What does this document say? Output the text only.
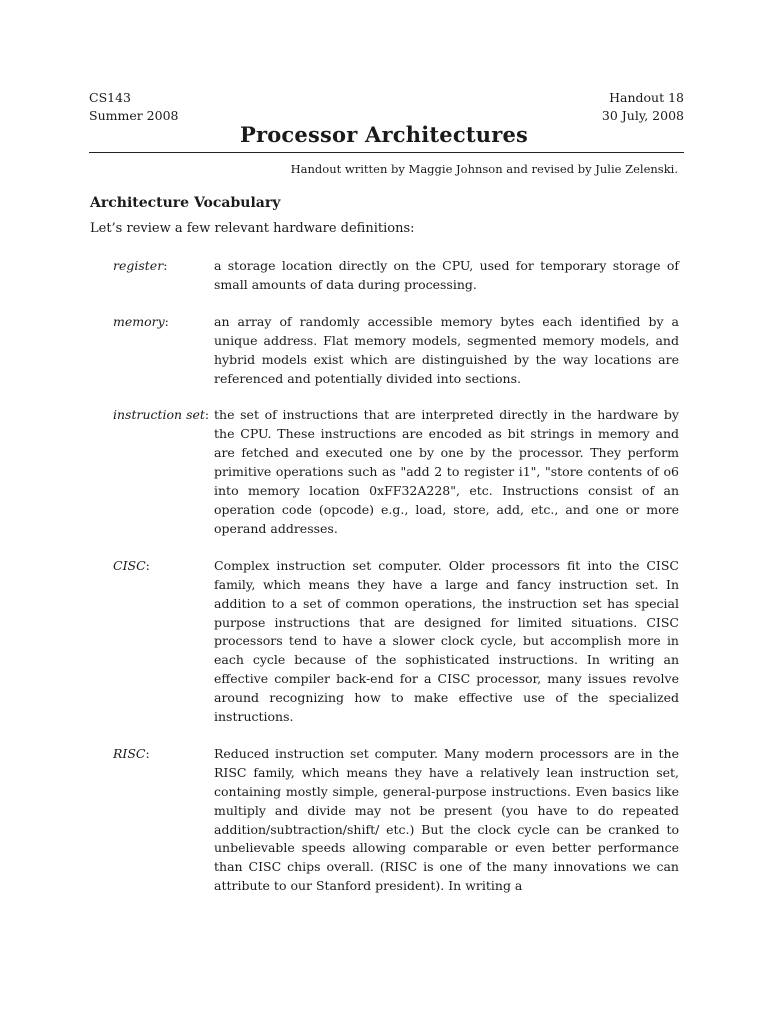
CS143
Summer 2008
Handout 18
30 July, 2008
Processor Architectures
Handout written by Maggie Johnson and revised by Julie Zelenski.
Architecture Vocabulary

Let’s review a few relevant hardware definitions:

register:	a storage location directly on the CPU, used for temporary storage of small amounts of data during processing.

memory:	an array of randomly accessible memory bytes each identified by a unique address. Flat memory models, segmented memory models, and hybrid models exist which are distinguished by the way locations are referenced and potentially divided into sections.

instruction set: the set of instructions that are interpreted directly in the hardware by the CPU. These instructions are encoded as bit strings in memory and are fetched and executed one by one by the processor. They perform primitive operations such as "add 2 to register i1", "store contents of o6 into memory location 0xFF32A228", etc. Instructions consist of an operation code (opcode) e.g., load, store, add, etc., and one or more operand addresses.

CISC:	Complex instruction set computer. Older processors fit into the CISC family, which means they have a large and fancy instruction set. In addition to a set of common operations, the instruction set has special purpose instructions that are designed for limited situations. CISC processors tend to have a slower clock cycle, but accomplish more in each cycle because of the sophisticated instructions. In writing an effective compiler back-end for a CISC processor, many issues revolve around recognizing how to make effective use of the specialized instructions.

RISC:	Reduced instruction set computer. Many modern processors are in the RISC family, which means they have a relatively lean instruction set, containing mostly simple, general-purpose instructions. Even basics like multiply and divide may not be present (you have to do repeated addition/subtraction/shift/ etc.) But the clock cycle can be cranked to unbelievable speeds allowing comparable or even better performance than CISC chips overall. (RISC is one of the many innovations we can attribute to our Stanford president). In writing a
